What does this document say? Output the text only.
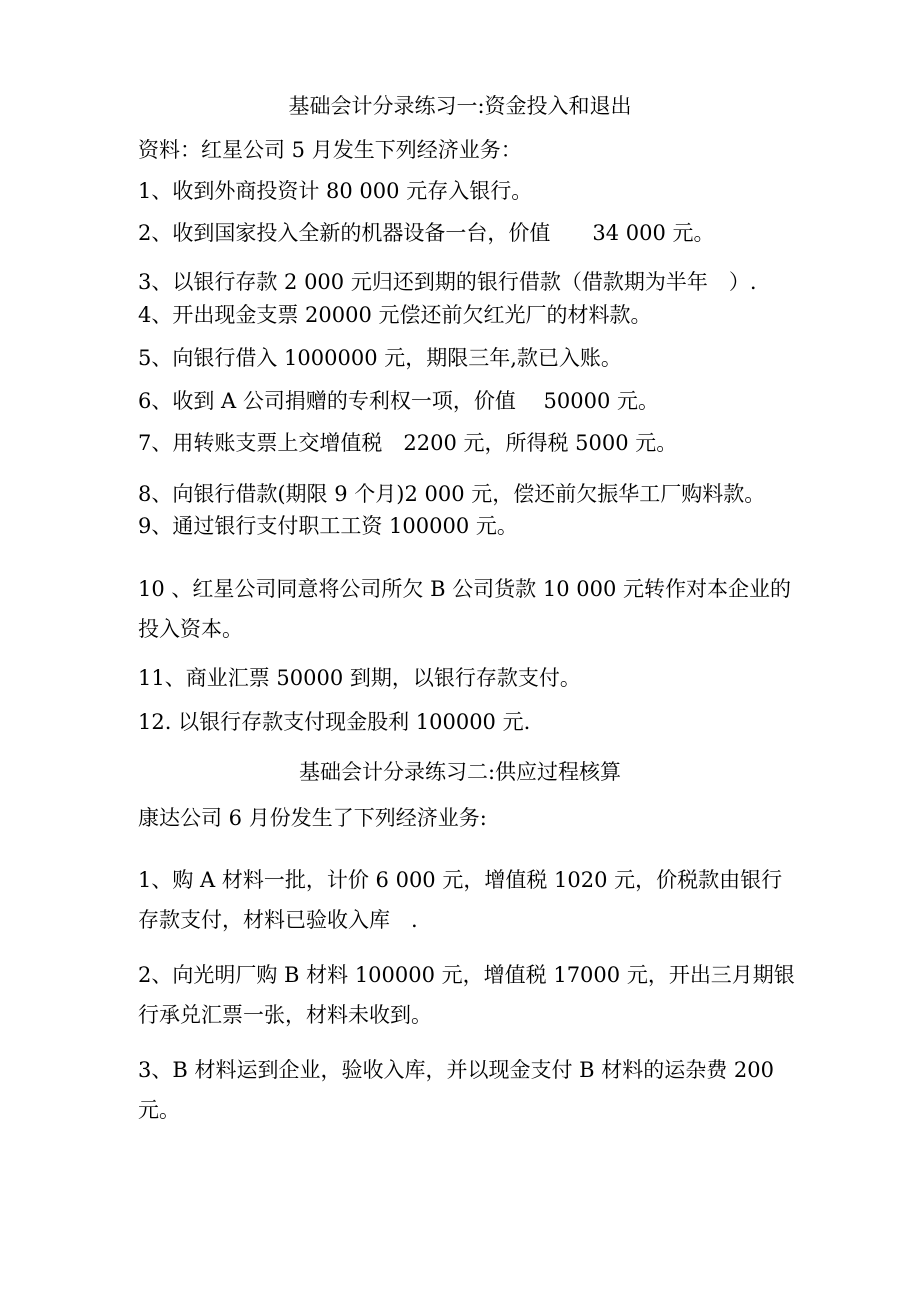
基础会计分录练习一:资金投入和退出
资料：红星公司 5 月发生下列经济业务：
1、收到外商投资计 80 000 元存入银行。
2、收到国家投入全新的机器设备一台，价值　　34 000 元。
3、以银行存款 2 000 元归还到期的银行借款（借款期为半年　）.
4、开出现金支票 20000 元偿还前欠红光厂的材料款。
5、向银行借入 1000000 元，期限三年,款已入账。
6、收到 A 公司捐赠的专利权一项，价值　 50000 元。
7、用转账支票上交增值税　2200 元，所得税 5000 元。
8、向银行借款(期限 9 个月)2 000 元，偿还前欠振华工厂购料款。
9、通过银行支付职工工资 100000 元。
10 、红星公司同意将公司所欠 B 公司货款 10 000 元转作对本企业的投入资本。
11、商业汇票 50000 到期，以银行存款支付。
12. 以银行存款支付现金股利 100000 元.
基础会计分录练习二:供应过程核算
康达公司 6 月份发生了下列经济业务:
1、购 A 材料一批，计价 6 000 元，增值税 1020 元，价税款由银行存款支付，材料已验收入库　.
2、向光明厂购 B 材料 100000 元，增值税 17000 元，开出三月期银行承兑汇票一张，材料未收到。
3、B 材料运到企业，验收入库，并以现金支付 B 材料的运杂费 200 元。
